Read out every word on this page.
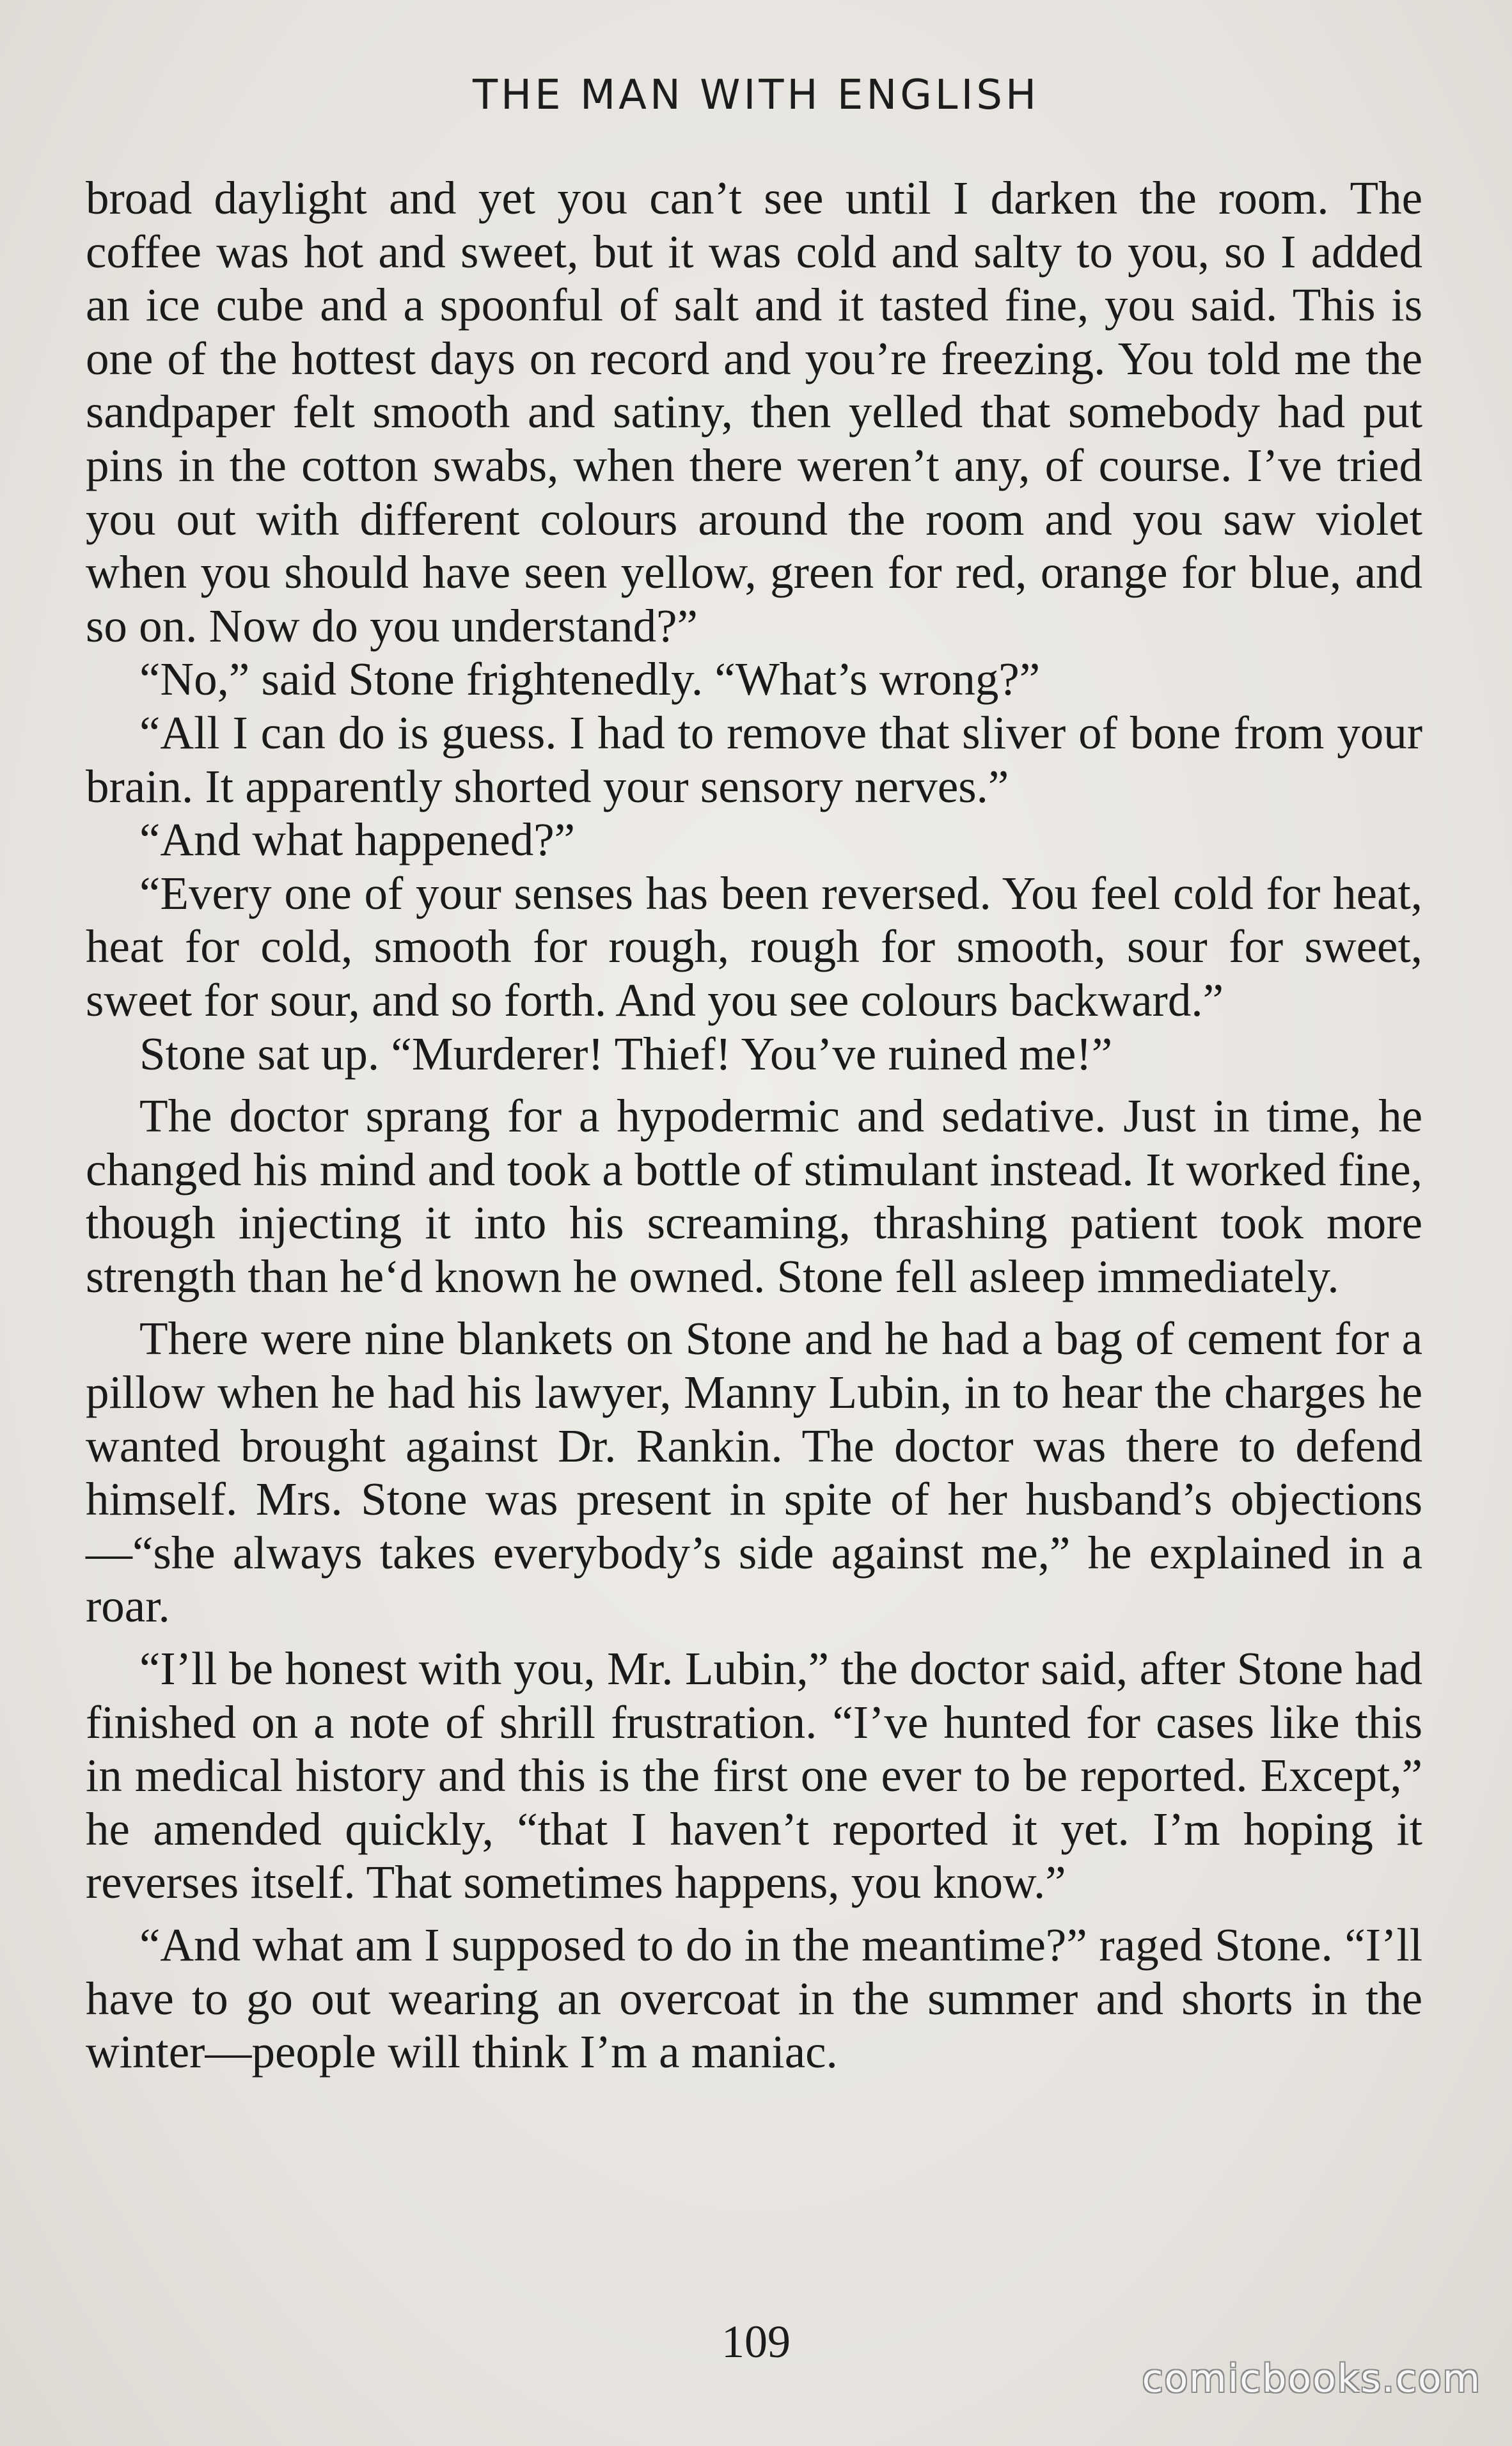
THE MAN WITH ENGLISH

broad daylight and yet you can’t see until I darken the room. The coffee was hot and sweet, but it was cold and salty to you, so I added an ice cube and a spoonful of salt and it tasted fine, you said. This is one of the hottest days on record and you’re freezing. You told me the sandpaper felt smooth and satiny, then yelled that somebody had put pins in the cotton swabs, when there weren’t any, of course. I’ve tried you out with different colours around the room and you saw violet when you should have seen yellow, green for red, orange for blue, and so on. Now do you understand?”

“No,” said Stone frightenedly. “What’s wrong?”

“All I can do is guess. I had to remove that sliver of bone from your brain. It apparently shorted your sensory nerves.”

“And what happened?”

“Every one of your senses has been reversed. You feel cold for heat, heat for cold, smooth for rough, rough for smooth, sour for sweet, sweet for sour, and so forth. And you see colours backward.”

Stone sat up. “Murderer! Thief! You’ve ruined me!”

The doctor sprang for a hypodermic and sedative. Just in time, he changed his mind and took a bottle of stimulant instead. It worked fine, though injecting it into his screaming, thrashing patient took more strength than he‘d known he owned. Stone fell asleep immediately.

There were nine blankets on Stone and he had a bag of cement for a pillow when he had his lawyer, Manny Lubin, in to hear the charges he wanted brought against Dr. Rankin. The doctor was there to defend himself. Mrs. Stone was present in spite of her husband’s objections—“she always takes everybody’s side against me,” he explained in a roar.

“I’ll be honest with you, Mr. Lubin,” the doctor said, after Stone had finished on a note of shrill frustration. “I’ve hunted for cases like this in medical history and this is the first one ever to be reported. Except,” he amended quickly, “that I haven’t reported it yet. I’m hoping it reverses itself. That sometimes happens, you know.”

“And what am I supposed to do in the meantime?” raged Stone. “I’ll have to go out wearing an overcoat in the summer and shorts in the winter—people will think I’m a maniac.

109
comicbooks.com
